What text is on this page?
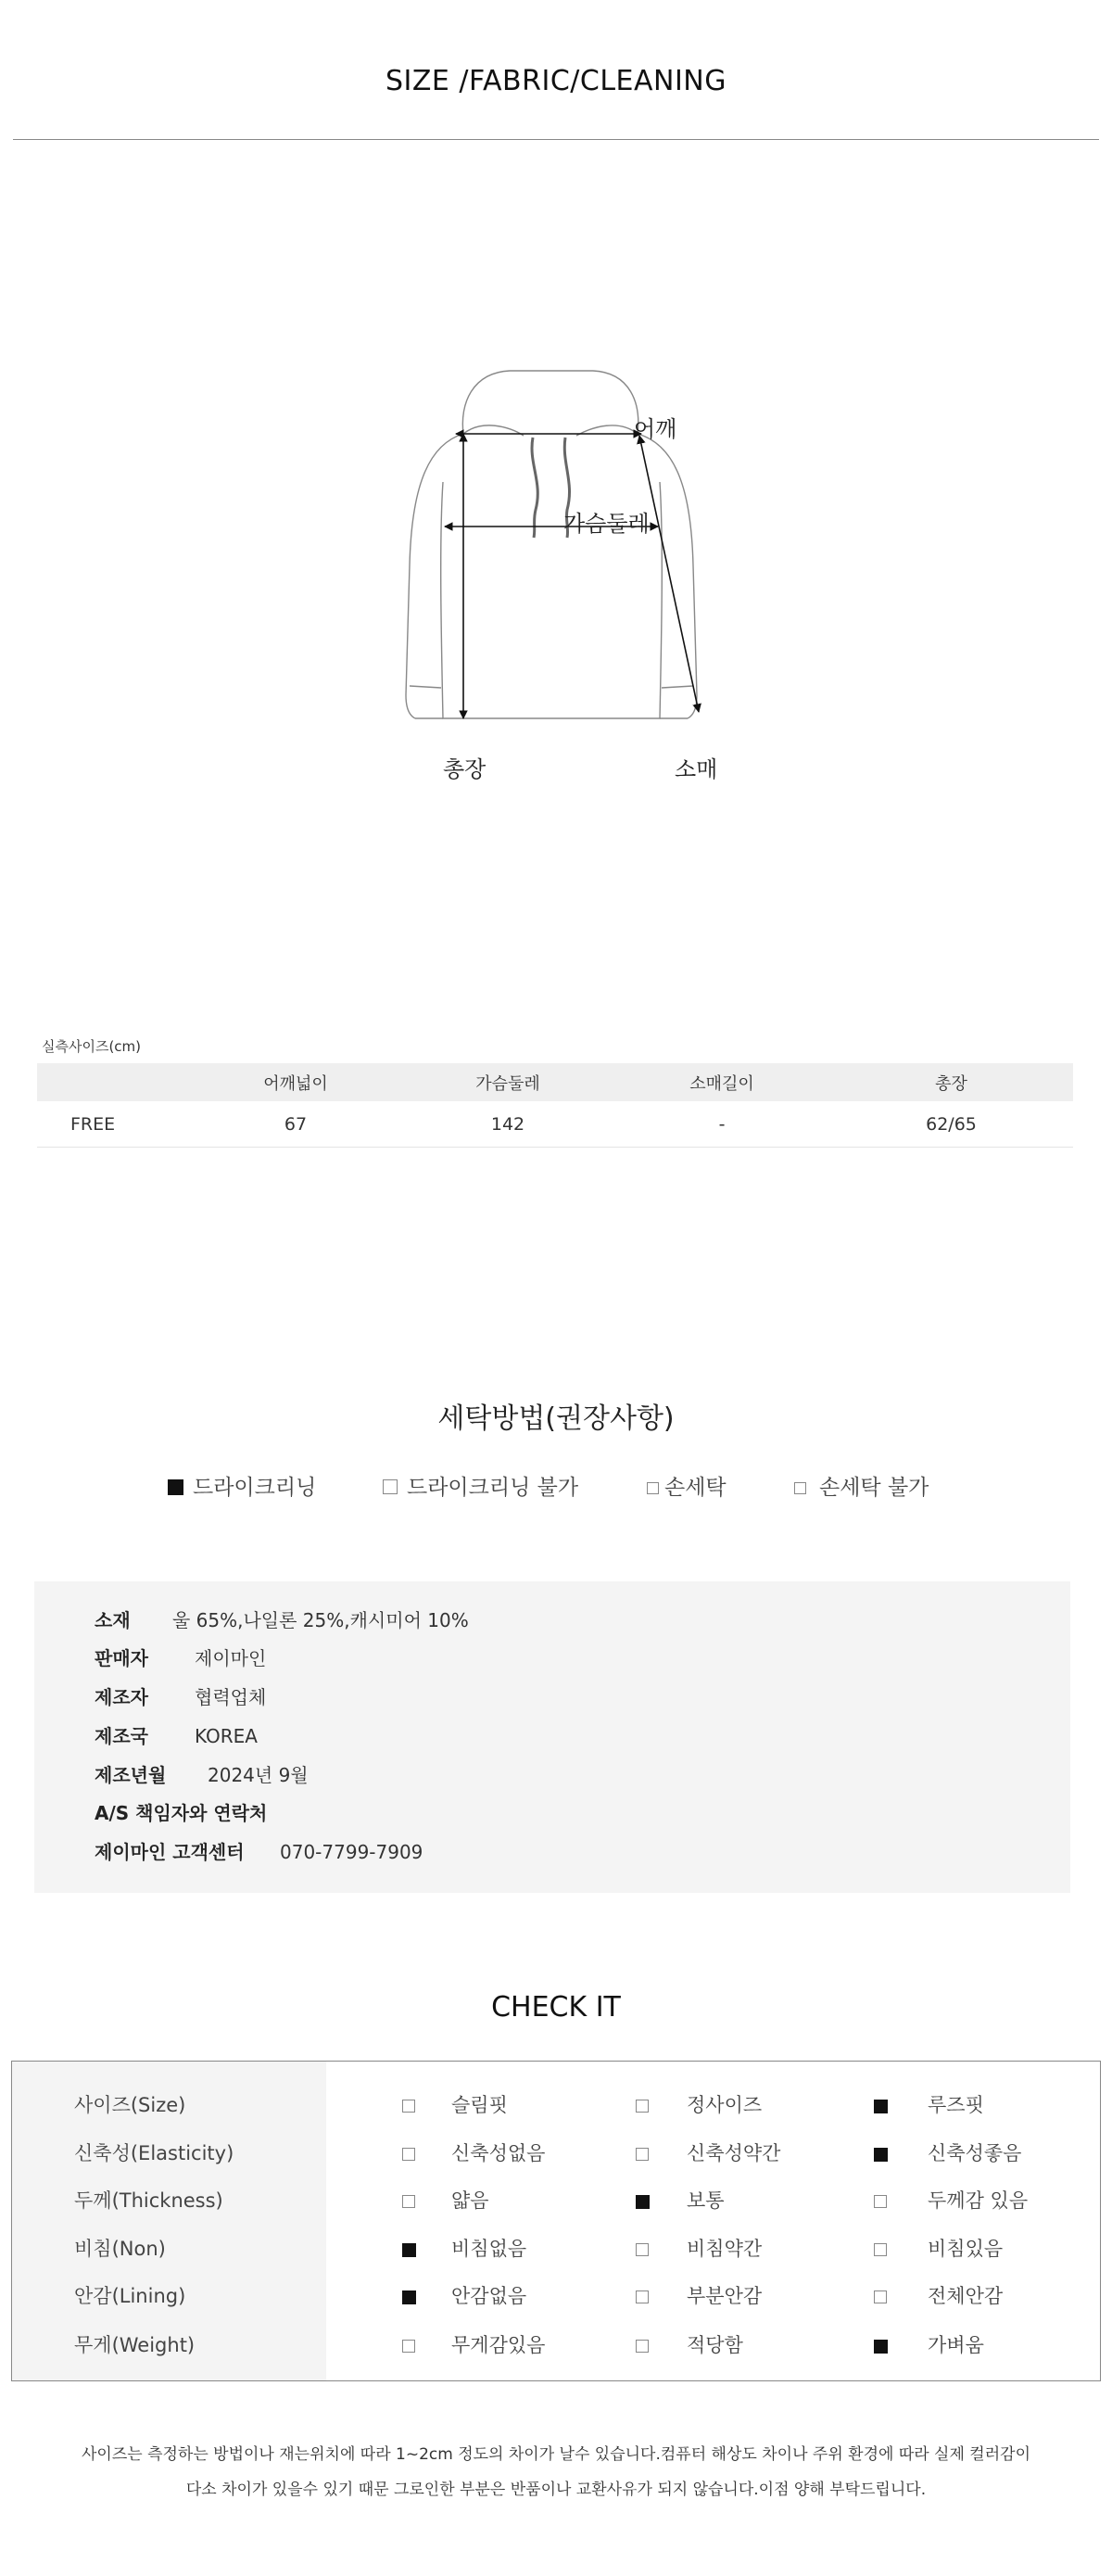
SIZE /FABRIC/CLEANING
어깨
가슴둘레
총장	소매
실측사이즈(cm)
	어깨넓이	가슴둘레	소매길이	총장
FREE	67	142	-	62/65
세탁방법(권장사항)
드라이크리닝	드라이크리닝 불가	손세탁	손세탁 불가
소재 울 65%,나일론 25%,캐시미어 10%
판매자	제이마인
제조자	협력업체
제조국	KOREA
제조년월 2024년 9월
A/S 책임자와 연락처
제이마인 고객센터 070-7799-7909
CHECK IT
사이즈(Size)	슬림핏	정사이즈	루즈핏
신축성(Elasticity)	신축성없음	신축성약간	신축성좋음
두께(Thickness)	얇음	보통	두께감 있음
비침(Non)	비침없음	비침약간	비침있음
안감(Lining)	안감없음	부분안감	전체안감
무게(Weight)	무게감있음	적당함	가벼움
사이즈는 측정하는 방법이나 재는위치에 따라 1~2cm 정도의 차이가 날수 있습니다.컴퓨터 해상도 차이나 주위 환경에 따라 실제 컬러감이
다소 차이가 있을수 있기 때문 그로인한 부분은 반품이나 교환사유가 되지 않습니다.이점 양해 부탁드립니다.
